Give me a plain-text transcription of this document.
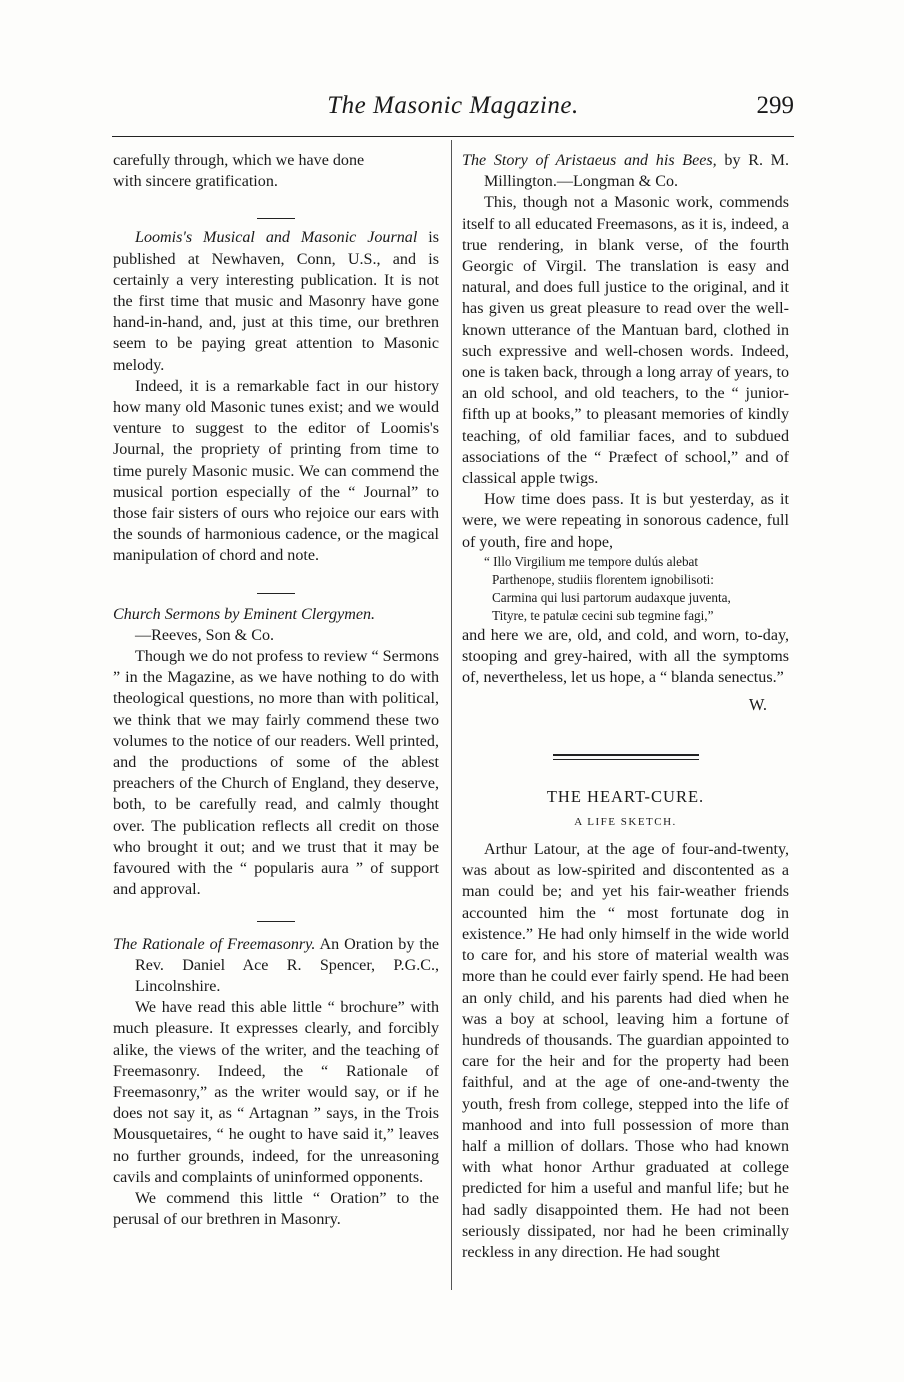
The Masonic Magazine.	299

carefully through, which we have done

with sincere gratification.

Loomis's Musical and Masonic Journal is published at Newhaven, Conn, U.S., and is certainly a very interesting publication. It is not the first time that music and Masonry have gone hand-in-hand, and, just at this time, our brethren seem to be paying great attention to Masonic melody.

Indeed, it is a remarkable fact in our history how many old Masonic tunes exist; and we would venture to suggest to the editor of Loomis's Journal, the propriety of printing from time to time purely Masonic music. We can commend the musical portion especially of the “ Journal” to those fair sisters of ours who rejoice our ears with the sounds of harmonious cadence, or the magical manipulation of chord and note.

Church Sermons by Eminent Clergymen.

—Reeves, Son & Co.

Though we do not profess to review “ Sermons ” in the Magazine, as we have nothing to do with theological questions, no more than with political, we think that we may fairly commend these two volumes to the notice of our readers. Well printed, and the productions of some of the ablest preachers of the Church of England, they deserve, both, to be carefully read, and calmly thought over. The publication reflects all credit on those who brought it out; and we trust that it may be favoured with the “ popularis aura ” of support and approval.

The Rationale of Freemasonry. An Oration by the Rev. Daniel Ace R. Spencer, P.G.C., Lincolnshire.

We have read this able little “ brochure” with much pleasure. It expresses clearly, and forcibly alike, the views of the writer, and the teaching of Freemasonry. Indeed, the “ Rationale of Freemasonry,” as the writer would say, or if he does not say it, as “ Artagnan ” says, in the Trois Mousquetaires, “ he ought to have said it,” leaves no further grounds, indeed, for the unreasoning cavils and complaints of uninformed opponents.

We commend this little “ Oration” to the perusal of our brethren in Masonry.

The Story of Aristaeus and his Bees, by R. M. Millington.—Longman & Co.

This, though not a Masonic work, commends itself to all educated Freemasons, as it is, indeed, a true rendering, in blank verse, of the fourth Georgic of Virgil. The translation is easy and natural, and does full justice to the original, and it has given us great pleasure to read over the well-known utterance of the Mantuan bard, clothed in such expressive and well-chosen words. Indeed, one is taken back, through a long array of years, to an old school, and old teachers, to the “ junior-fifth up at books,” to pleasant memories of kindly teaching, of old familiar faces, and to subdued associations of the “ Præfect of school,” and of classical apple twigs.

How time does pass. It is but yesterday, as it were, we were repeating in sonorous cadence, full of youth, fire and hope,

“ Illo Virgilium me tempore dulús alebat
Parthenope, studiis florentem ignobilisoti:
Carmina qui lusi partorum audaxque juventa,
Tityre, te patulæ cecini sub tegmine fagi,”

and here we are, old, and cold, and worn, to-day, stooping and grey-haired, with all the symptoms of, nevertheless, let us hope, a “ blanda senectus.”

W.
THE HEART-CURE.
A LIFE SKETCH.

Arthur Latour, at the age of four-and-twenty, was about as low-spirited and discontented as a man could be; and yet his fair-weather friends accounted him the “ most fortunate dog in existence.” He had only himself in the wide world to care for, and his store of material wealth was more than he could ever fairly spend. He had been an only child, and his parents had died when he was a boy at school, leaving him a fortune of hundreds of thousands. The guardian appointed to care for the heir and for the property had been faithful, and at the age of one-and-twenty the youth, fresh from college, stepped into the life of manhood and into full possession of more than half a million of dollars. Those who had known with what honor Arthur graduated at college predicted for him a useful and manful life; but he had sadly disappointed them. He had not been seriously dissipated, nor had he been criminally reckless in any direction. He had sought
